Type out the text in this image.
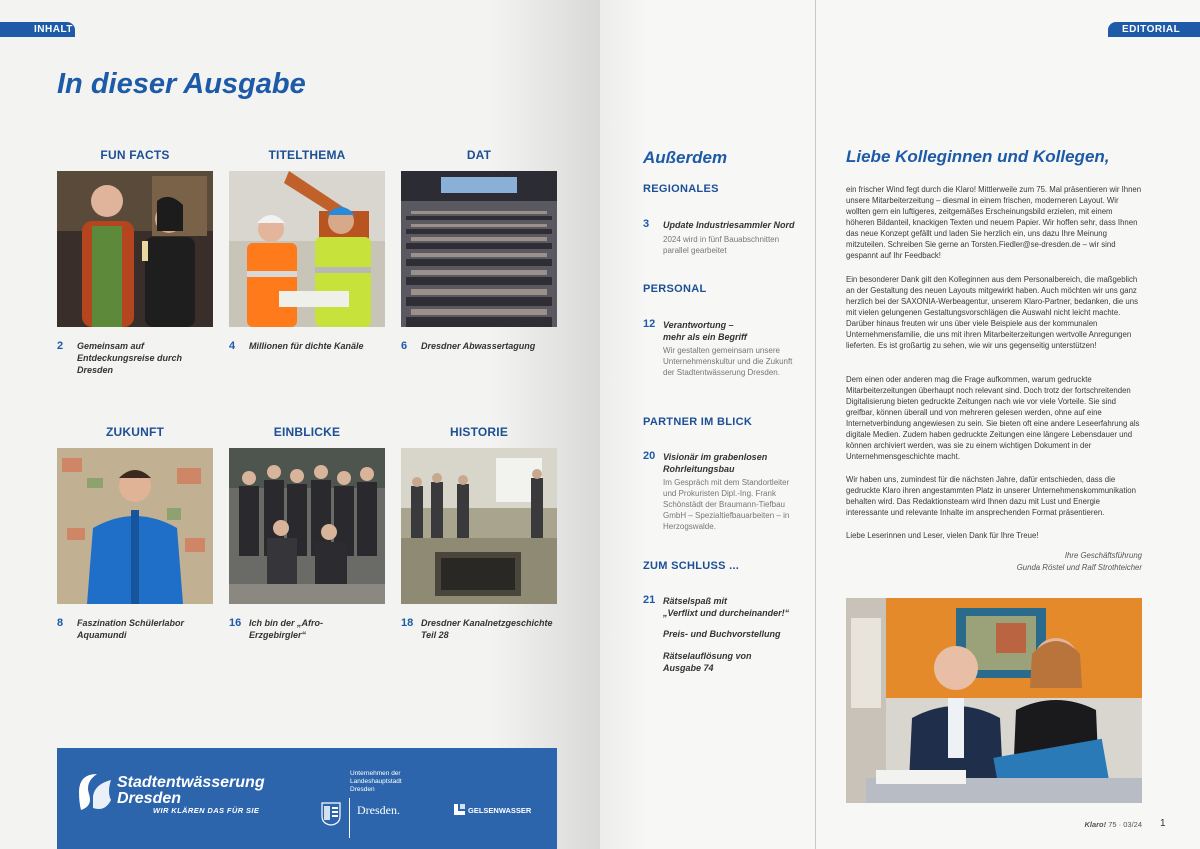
INHALT	EDITORIAL
In dieser Ausgabe
FUN FACTS	TITELTHEMA	DAT
2 Gemeinsam auf Entdeckungsreise durch Dresden
4 Millionen für dichte Kanäle	6 Dresdner Abwassertagung
ZUKUNFT	EINBLICKE	HISTORIE
8 Faszination Schülerlabor Aquamundi
16 Ich bin der „Afro-Erzgebirgler“
18 Dresdner Kanalnetzgeschichte Teil 28
Stadtentwässerung
Dresden
WIR KLÄREN DAS FÜR SIE
Unternehmen der
Landeshauptstadt
Dresden
Dresden.	GELSENWASSER
Außerdem
REGIONALES
3 Update Industriesammler Nord
2024 wird in fünf Bauabschnitten parallel gearbeitet
PERSONAL
12 Verantwortung –
mehr als ein Begriff
Wir gestalten gemeinsam unsere Unternehmenskultur und die Zukunft der Stadtentwässerung Dresden.
PARTNER IM BLICK
20 Visionär im grabenlosen
Rohrleitungsbau
Im Gespräch mit dem Standortleiter und Prokuristen Dipl.-Ing. Frank Schönstädt der Braumann-Tiefbau GmbH – Spezialtiefbauarbeiten – in Herzogswalde.
ZUM SCHLUSS ...
21 Rätselspaß mit
„Verflixt und durcheinander!“
Preis- und Buchvorstellung
Rätselauflösung von
Ausgabe 74
Liebe Kolleginnen und Kollegen,

ein frischer Wind fegt durch die Klaro! Mittlerweile zum 75. Mal präsentieren wir Ihnen unsere Mitarbeiterzeitung – diesmal in einem frischen, moderneren Layout. Wir wollten gern ein luftigeres, zeitgemäßes Erscheinungsbild erzielen, mit einem höheren Bildanteil, knackigen Texten und neuem Papier. Wir hoffen sehr, dass Ihnen das neue Konzept gefällt und laden Sie herzlich ein, uns dazu Ihre Meinung mitzuteilen. Schreiben Sie gerne an Torsten.Fiedler@se-dresden.de – wir sind gespannt auf Ihr Feedback!

Ein besonderer Dank gilt den Kolleginnen aus dem Personalbereich, die maßgeblich an der Gestaltung des neuen Layouts mitgewirkt haben. Auch möchten wir uns ganz herzlich bei der SAXONIA-Werbeagentur, unserem Klaro-Partner, bedanken, die uns mit vielen gelungenen Gestaltungsvorschlägen die Auswahl nicht leicht machte. Darüber hinaus freuten wir uns über viele Beispiele aus der kommunalen Unternehmensfamilie, die uns mit ihren Mitarbeiterzeitungen wertvolle Anregungen lieferten. Es ist großartig zu sehen, wie wir uns gegenseitig unterstützen!

Dem einen oder anderen mag die Frage aufkommen, warum gedruckte Mitarbeiterzeitungen überhaupt noch relevant sind. Doch trotz der fortschreitenden Digitalisierung bieten gedruckte Zeitungen nach wie vor viele Vorteile. Sie sind greifbar, können überall und von mehreren gelesen werden, ohne auf eine Internetverbindung angewiesen zu sein. Sie bieten oft eine andere Leseerfahrung als digitale Medien. Zudem haben gedruckte Zeitungen eine längere Lebensdauer und können archiviert werden, was sie zu einem wichtigen Dokument in der Unternehmensgeschichte macht.

Wir haben uns, zumindest für die nächsten Jahre, dafür entschieden, dass die gedruckte Klaro ihren angestammten Platz in unserer Unternehmenskommunikation behalten wird. Das Redaktionsteam wird Ihnen dazu mit Lust und Energie interessante und relevante Inhalte im ansprechenden Format präsentieren.

Liebe Leserinnen und Leser, vielen Dank für Ihre Treue!

Ihre Geschäftsführung
Gunda Röstel und Ralf Strothteicher
Klaro! 75 · 03/24 1
